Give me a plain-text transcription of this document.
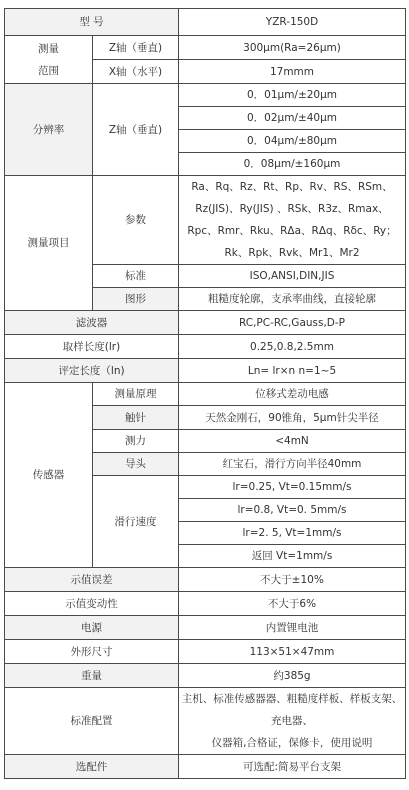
型 号		YZR-150D

测量
范围	Z轴（垂直)	300μm(Ra=26μm)
	X轴（水平)	17mmm
分辨率	Z轴（垂直)	0．01μm/±20μm
		0．02μm/±40μm
		0．04μm/±80μm
		0．08μm/±160μm
测量项目	参数	Ra、Rq、Rz、Rt、Rp、Rv、RS、RSm、
Rz(JIS)、Ry(JIS) 、RSk、R3z、Rmax、
Rpc、Rmr、Rku、RΔa、RΔq、Rδc、Ry；
Rk、Rpk、Rvk、Mr1、Mr2

	标准	ISO,ANSI,DIN,JIS
	图形	粗糙度轮廓，支承率曲线，直接轮廓
滤波器		RC,PC-RC,Gauss,D-P
取样长度(lr)		0.25,0.8,2.5mm
评定长度（ln)		Ln= lr×n n=1~5
传感器	测量原理	位移式差动电感
	触针	天然金刚石，90锥角，5μm针尖半径
	测力	<4mN
	导头	红宝石，滑行方向半径40mm
	滑行速度	lr=0.25, Vt=0.15mm/s
		lr=0.8, Vt=0. 5mm/s
		lr=2. 5, Vt=1mm/s
		返回 Vt=1mm/s
示值误差		不大于±10%
示值变动性		不大于6%
电源		内置锂电池
外形尺寸		113×51×47mm
重量		约385g
标准配置		主机、标准传感器器、粗糙度样板、样板支架、
充电器、
仪器箱,合格证，保修卡，使用说明

选配件		可选配:简易平台支架
